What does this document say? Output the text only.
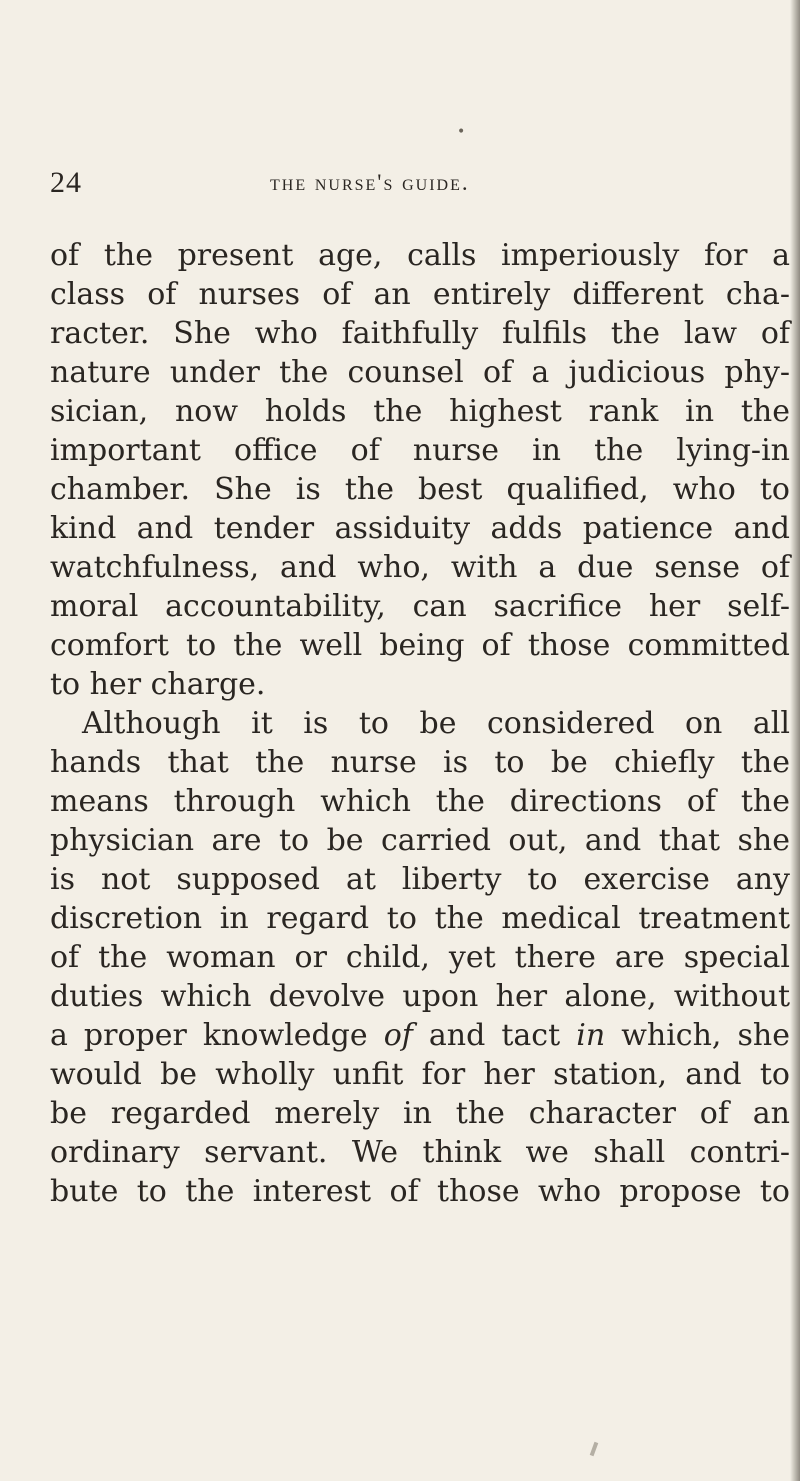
•
24	the nurse's guide.
of the present age, calls imperiously for a
class of nurses of an entirely different cha-
racter. She who faithfully fulfils the law of
nature under the counsel of a judicious phy-
sician, now holds the highest rank in the
important office of nurse in the lying-in
chamber. She is the best qualified, who to
kind and tender assiduity adds patience and
watchfulness, and who, with a due sense of
moral accountability, can sacrifice her self-
comfort to the well being of those committed
to her charge.
Although it is to be considered on all
hands that the nurse is to be chiefly the
means through which the directions of the
physician are to be carried out, and that she
is not supposed at liberty to exercise any
discretion in regard to the medical treatment
of the woman or child, yet there are special
duties which devolve upon her alone, without
a proper knowledge of and tact in which, she
would be wholly unfit for her station, and to
be regarded merely in the character of an
ordinary servant. We think we shall contri-
bute to the interest of those who propose to
